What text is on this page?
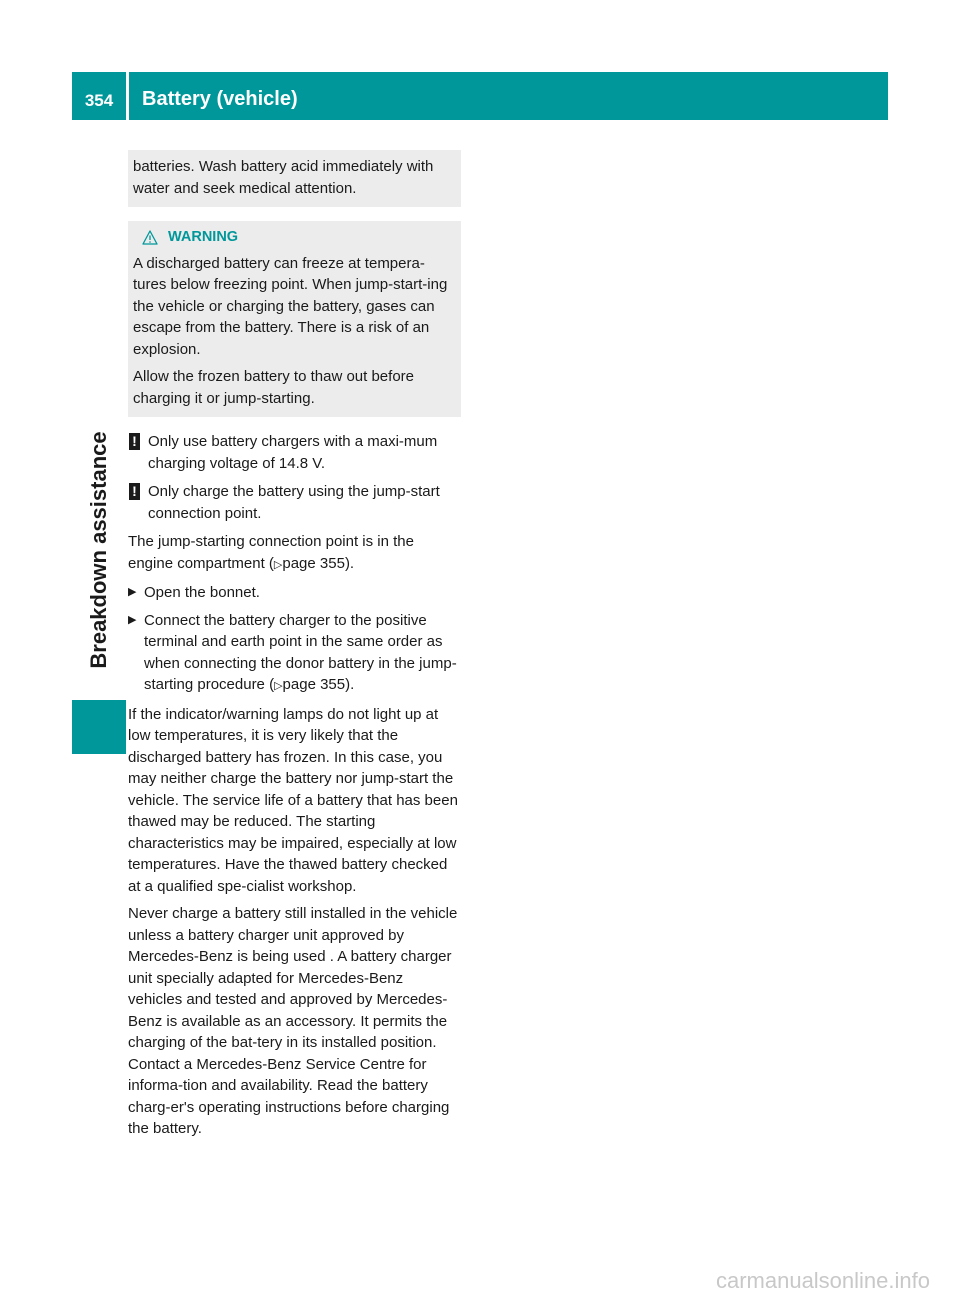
354 Battery (vehicle)
Breakdown assistance

batteries. Wash battery acid immediately with water and seek medical attention.

WARNING

A discharged battery can freeze at tempera-tures below freezing point. When jump-start-ing the vehicle or charging the battery, gases can escape from the battery. There is a risk of an explosion.

Allow the frozen battery to thaw out before charging it or jump-starting.

! Only use battery chargers with a maxi-mum charging voltage of 14.8 V.
! Only charge the battery using the jump-start connection point.

The jump-starting connection point is in the engine compartment (▷page 355).

▶ Open the bonnet.
▶ Connect the battery charger to the positive terminal and earth point in the same order as when connecting the donor battery in the jump-starting procedure (▷page 355).

If the indicator/warning lamps do not light up at low temperatures, it is very likely that the discharged battery has frozen. In this case, you may neither charge the battery nor jump-start the vehicle. The service life of a battery that has been thawed may be reduced. The starting characteristics may be impaired, especially at low temperatures. Have the thawed battery checked at a qualified spe-cialist workshop.

Never charge a battery still installed in the vehicle unless a battery charger unit approved by Mercedes-Benz is being used . A battery charger unit specially adapted for Mercedes-Benz vehicles and tested and approved by Mercedes-Benz is available as an accessory. It permits the charging of the bat-tery in its installed position. Contact a Mercedes-Benz Service Centre for informa-tion and availability. Read the battery charg-er's operating instructions before charging the battery.

carmanualsonline.info
